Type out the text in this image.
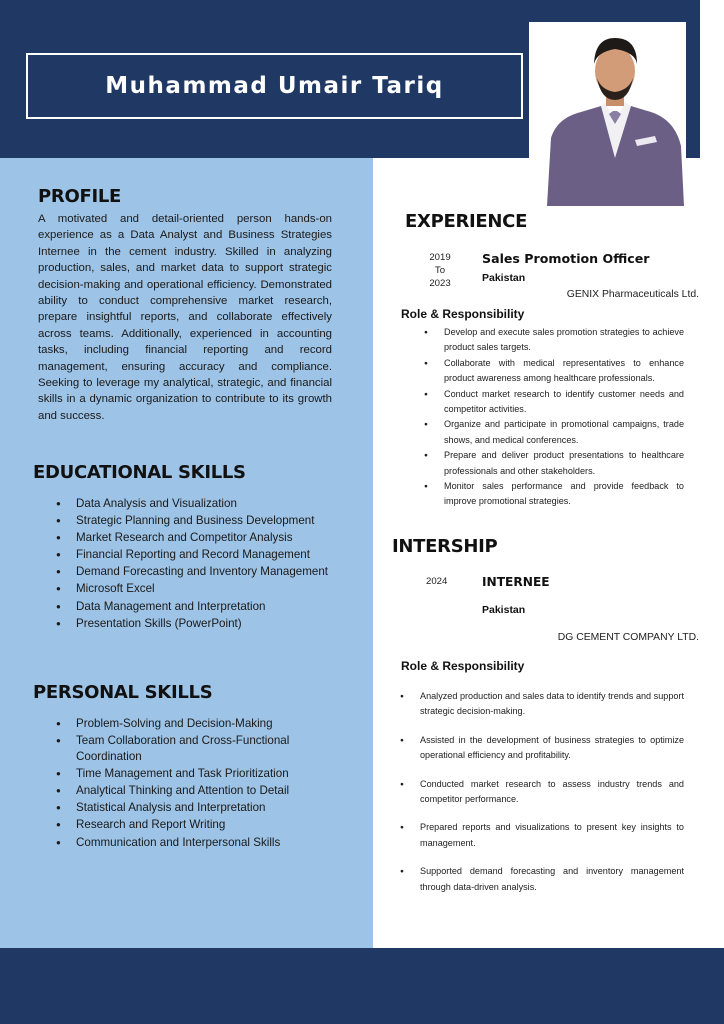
Muhammad Umair Tariq
PROFILE

A motivated and detail-oriented person hands-on experience as a Data Analyst and Business Strategies Internee in the cement industry. Skilled in analyzing production, sales, and market data to support strategic decision-making and operational efficiency. Demonstrated ability to conduct comprehensive market research, prepare insightful reports, and collaborate effectively across teams. Additionally, experienced in accounting tasks, including financial reporting and record management, ensuring accuracy and compliance. Seeking to leverage my analytical, strategic, and financial skills in a dynamic organization to contribute to its growth and success.

EDUCATIONAL SKILLS
● Data Analysis and Visualization
● Strategic Planning and Business Development
● Market Research and Competitor Analysis
● Financial Reporting and Record Management
● Demand Forecasting and Inventory Management
● Microsoft Excel
● Data Management and Interpretation
● Presentation Skills (PowerPoint)
PERSONAL SKILLS
● Problem-Solving and Decision-Making
● Team Collaboration and Cross-Functional Coordination
● Time Management and Task Prioritization
● Analytical Thinking and Attention to Detail
● Statistical Analysis and Interpretation
● Research and Report Writing
● Communication and Interpersonal Skills
EXPERIENCE
2019
To
2023
Sales Promotion Officer
Pakistan
GENIX Pharmaceuticals Ltd.
Role & Responsibility
● Develop and execute sales promotion strategies to achieve product sales targets.
● Collaborate with medical representatives to enhance product awareness among healthcare professionals.
● Conduct market research to identify customer needs and competitor activities.
● Organize and participate in promotional campaigns, trade shows, and medical conferences.
● Prepare and deliver product presentations to healthcare professionals and other stakeholders.
● Monitor sales performance and provide feedback to improve promotional strategies.
INTERSHIP
2024	INTERNEE
Pakistan
DG CEMENT COMPANY LTD.
Role & Responsibility
● Analyzed production and sales data to identify trends and support strategic decision-making.
● Assisted in the development of business strategies to optimize operational efficiency and profitability.
● Conducted market research to assess industry trends and competitor performance.
● Prepared reports and visualizations to present key insights to management.
● Supported demand forecasting and inventory management through data-driven analysis.
